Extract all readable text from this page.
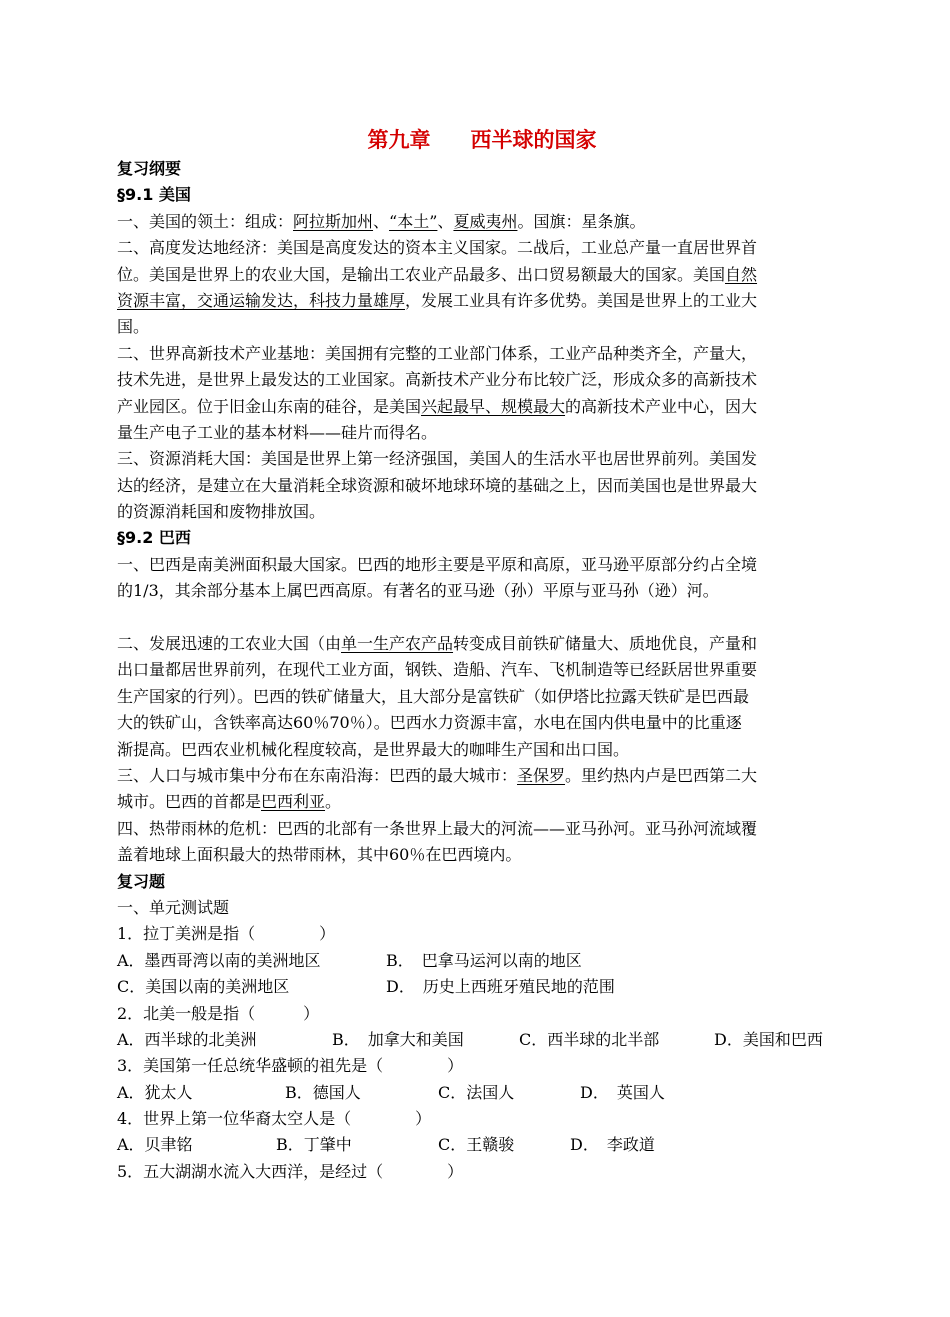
第九章 西半球的国家
复习纲要
§9.1 美国
一、美国的领土：组成：阿拉斯加州、“本土”、夏威夷州。国旗：星条旗。
二、高度发达地经济：美国是高度发达的资本主义国家。二战后，工业总产量一直居世界首
位。美国是世界上的农业大国，是输出工农业产品最多、出口贸易额最大的国家。美国自然
资源丰富，交通运输发达，科技力量雄厚，发展工业具有许多优势。美国是世界上的工业大
国。
二、世界高新技术产业基地：美国拥有完整的工业部门体系，工业产品种类齐全，产量大，
技术先进，是世界上最发达的工业国家。高新技术产业分布比较广泛，形成众多的高新技术
产业园区。位于旧金山东南的硅谷，是美国兴起最早、规模最大的高新技术产业中心，因大
量生产电子工业的基本材料——硅片而得名。
三、资源消耗大国：美国是世界上第一经济强国，美国人的生活水平也居世界前列。美国发
达的经济，是建立在大量消耗全球资源和破坏地球环境的基础之上，因而美国也是世界最大
的资源消耗国和废物排放国。
§9.2 巴西
一、巴西是南美洲面积最大国家。巴西的地形主要是平原和高原，亚马逊平原部分约占全境
的1/3，其余部分基本上属巴西高原。有著名的亚马逊（孙）平原与亚马孙（逊）河。
二、发展迅速的工农业大国（由单一生产农产品转变成目前铁矿储量大、质地优良，产量和
出口量都居世界前列，在现代工业方面，钢铁、造船、汽车、飞机制造等已经跃居世界重要
生产国家的行列）。巴西的铁矿储量大，且大部分是富铁矿（如伊塔比拉露天铁矿是巴西最
大的铁矿山，含铁率高达60％70％）。巴西水力资源丰富，水电在国内供电量中的比重逐
渐提高。巴西农业机械化程度较高，是世界最大的咖啡生产国和出口国。
三、人口与城市集中分布在东南沿海：巴西的最大城市：圣保罗。里约热内卢是巴西第二大
城市。巴西的首都是巴西利亚。
四、热带雨林的危机：巴西的北部有一条世界上最大的河流——亚马孙河。亚马孙河流域覆
盖着地球上面积最大的热带雨林，其中60％在巴西境内。
复习题
一、单元测试题
1．拉丁美洲是指（　　　　）
A．墨西哥湾以南的美洲地区	B．　巴拿马运河以南的地区
C．美国以南的美洲地区	D．　历史上西班牙殖民地的范围
2．北美一般是指（　　　）
A．西半球的北美洲	B．　加拿大和美国	C．西半球的北半部	D．美国和巴西
3．美国第一任总统华盛顿的祖先是（　　　　）
A．犹太人	B．德国人	C．法国人	D．　英国人
4．世界上第一位华裔太空人是（　　　　）
A．贝聿铭	B．丁肇中	C．王赣骏	D．　李政道
5．五大湖湖水流入大西洋，是经过（　　　　）
